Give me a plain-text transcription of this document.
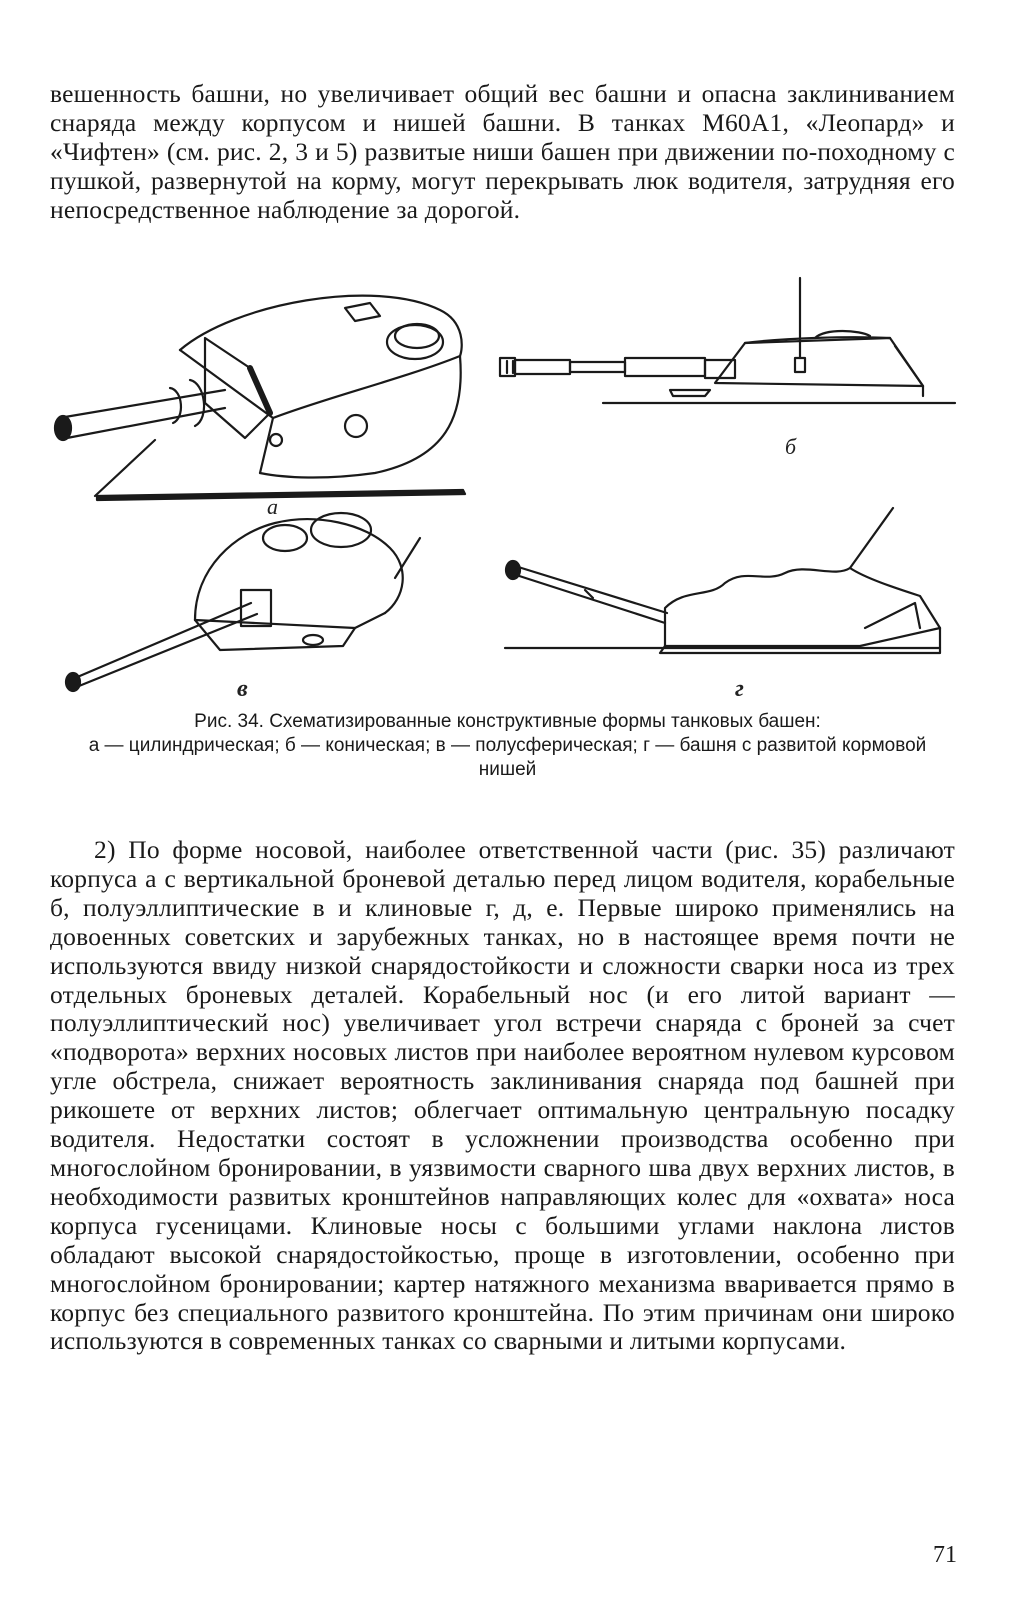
вешенность башни, но увеличивает общий вес башни и опасна заклиниванием снаряда между корпусом и нишей башни. В танках M60A1, «Леопард» и «Чифтен» (см. рис. 2, 3 и 5) развитые ниши башен при движении по-походному с пушкой, развернутой на корму, могут перекрывать люк водителя, затрудняя его непосредственное наблюдение за дорогой.

а
б
в	г
Рис. 34. Схематизированные конструктивные формы танковых башен:
а — цилиндрическая; б — коническая; в — полусферическая; г — башня с развитой кормовой нишей

2) По форме носовой, наиболее ответственной части (рис. 35) различают корпуса а с вертикальной броневой деталью перед лицом водителя, корабельные б, полуэллиптические в и клиновые г, д, е. Первые широко применялись на довоенных советских и зарубежных танках, но в настоящее время почти не используются ввиду низкой снарядостойкости и сложности сварки носа из трех отдельных броневых деталей. Корабельный нос (и его литой вариант — полуэллиптический нос) увеличивает угол встречи снаряда с броней за счет «подворота» верхних носовых листов при наиболее вероятном нулевом курсовом угле обстрела, снижает вероятность заклинивания снаряда под башней при рикошете от верхних листов; облегчает оптимальную центральную посадку водителя. Недостатки состоят в усложнении производства особенно при многослойном бронировании, в уязвимости сварного шва двух верхних листов, в необходимости развитых кронштейнов направляющих колес для «охвата» носа корпуса гусеницами. Клиновые носы с большими углами наклона листов обладают высокой снарядостойкостью, проще в изготовлении, особенно при многослойном бронировании; картер натяжного механизма вваривается прямо в корпус без специального развитого кронштейна. По этим причинам они широко используются в современных танках со сварными и литыми корпусами.

71
